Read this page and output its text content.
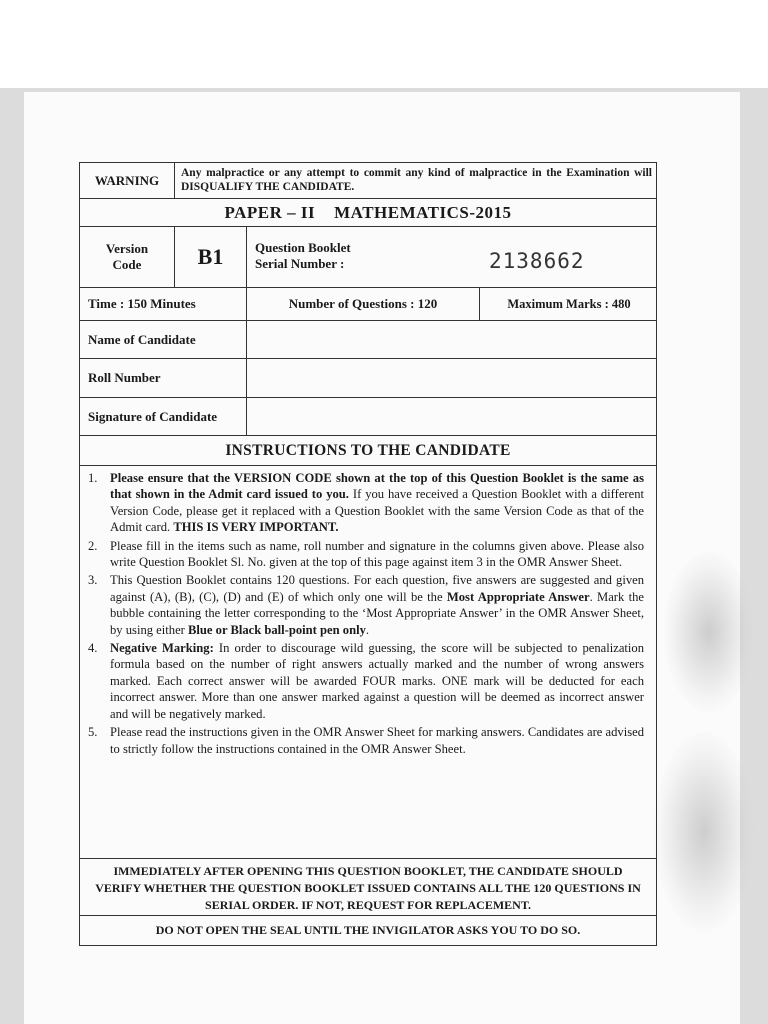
WARNING	Any malpractice or any attempt to commit any kind of malpractice in the Examination will DISQUALIFY THE CANDIDATE.
PAPER – II    MATHEMATICS-2015
Version
Code	B1	Question Booklet
Serial Number :	2138662
Time : 150 Minutes	Number of Questions : 120	Maximum Marks : 480
Name of Candidate
Roll Number
Signature of Candidate
INSTRUCTIONS TO THE CANDIDATE
1. Please ensure that the VERSION CODE shown at the top of this Question Booklet is the same as that shown in the Admit card issued to you. If you have received a Question Booklet with a different Version Code, please get it replaced with a Question Booklet with the same Version Code as that of the Admit card. THIS IS VERY IMPORTANT.
2. Please fill in the items such as name, roll number and signature in the columns given above. Please also write Question Booklet Sl. No. given at the top of this page against item 3 in the OMR Answer Sheet.
3. This Question Booklet contains 120 questions. For each question, five answers are suggested and given against (A), (B), (C), (D) and (E) of which only one will be the Most Appropriate Answer. Mark the bubble containing the letter corresponding to the ‘Most Appropriate Answer’ in the OMR Answer Sheet, by using either Blue or Black ball-point pen only.
4. Negative Marking: In order to discourage wild guessing, the score will be subjected to penalization formula based on the number of right answers actually marked and the number of wrong answers marked. Each correct answer will be awarded FOUR marks. ONE mark will be deducted for each incorrect answer. More than one answer marked against a question will be deemed as incorrect answer and will be negatively marked.
5. Please read the instructions given in the OMR Answer Sheet for marking answers. Candidates are advised to strictly follow the instructions contained in the OMR Answer Sheet.
IMMEDIATELY AFTER OPENING THIS QUESTION BOOKLET, THE CANDIDATE SHOULD VERIFY WHETHER THE QUESTION BOOKLET ISSUED CONTAINS ALL THE 120 QUESTIONS IN SERIAL ORDER. IF NOT, REQUEST FOR REPLACEMENT.
DO NOT OPEN THE SEAL UNTIL THE INVIGILATOR ASKS YOU TO DO SO.
